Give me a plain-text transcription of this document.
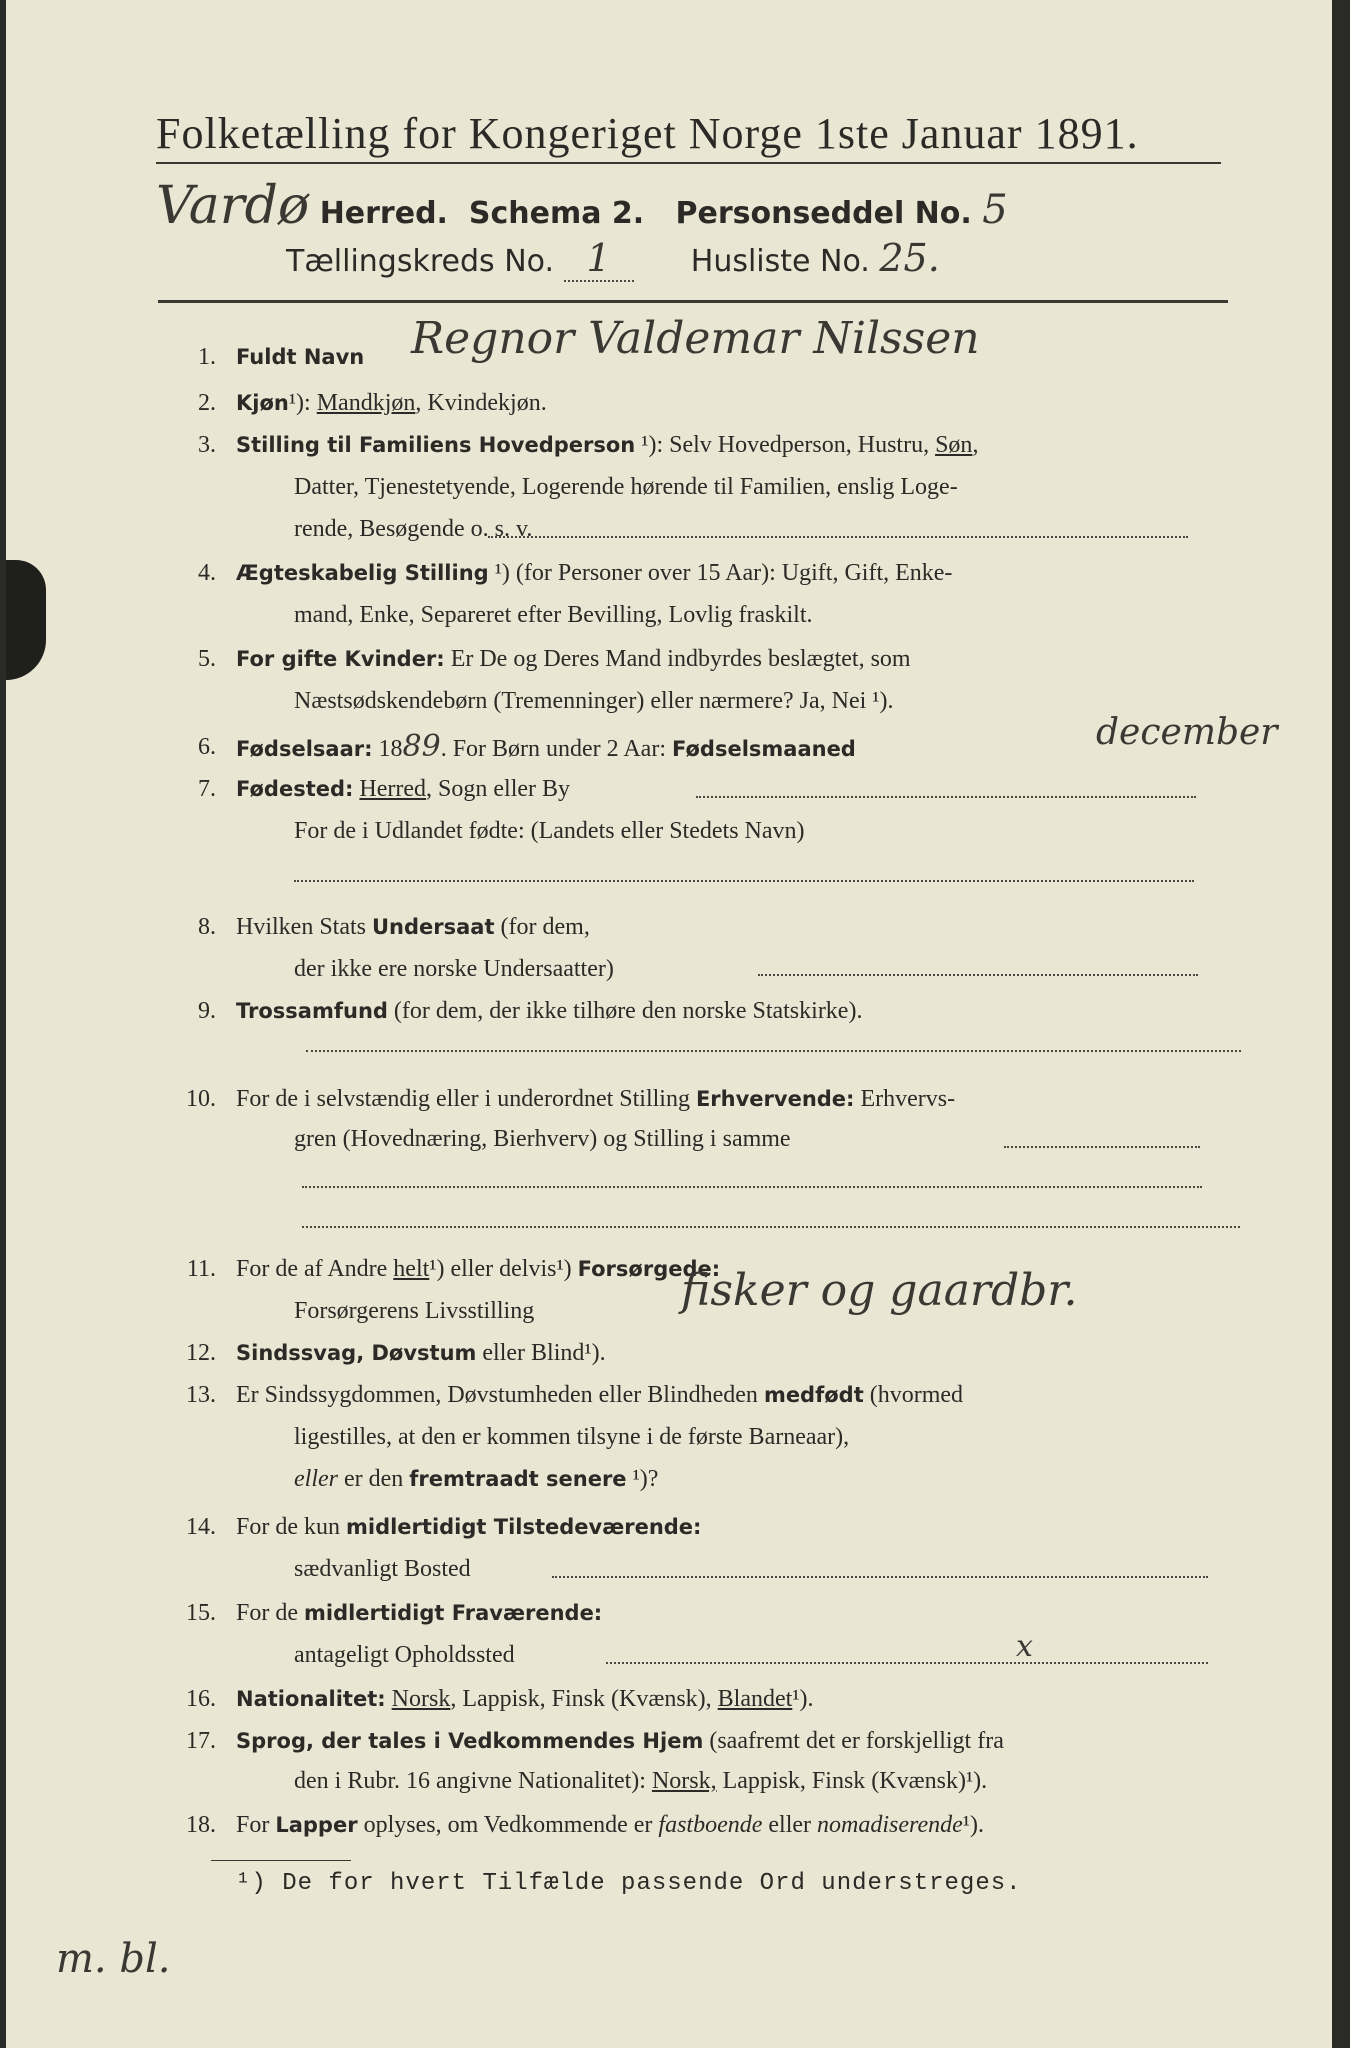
Folketælling for Kongeriget Norge 1ste Januar 1891.
Vardø Herred. Schema 2. Personseddel No. 5
Tællingskreds No. 1	Husliste No. 25.
1. Fuldt Navn Regnor Valdemar Nilssen
2. Kjøn¹): Mandkjøn, Kvindekjøn.
3. Stilling til Familiens Hovedperson ¹): Selv Hovedperson, Hustru, Søn,
Datter, Tjenestetyende, Logerende hørende til Familien, enslig Loge-
rende, Besøgende o. s. v.
4. Ægteskabelig Stilling ¹) (for Personer over 15 Aar): Ugift, Gift, Enke-
mand, Enke, Separeret efter Bevilling, Lovlig fraskilt.
5. For gifte Kvinder: Er De og Deres Mand indbyrdes beslægtet, som
Næstsødskendebørn (Tremenninger) eller nærmere? Ja, Nei ¹).
6. Fødselsaar: 1889. For Børn under 2 Aar: Fødselsmaaned	december
7. Fødested: Herred, Sogn eller By
For de i Udlandet fødte: (Landets eller Stedets Navn)
8. Hvilken Stats Undersaat (for dem,
der ikke ere norske Undersaatter)
9. Trossamfund (for dem, der ikke tilhøre den norske Statskirke).
10. For de i selvstændig eller i underordnet Stilling Erhvervende: Erhvervs-
gren (Hovednæring, Bierhverv) og Stilling i samme
11. For de af Andre helt¹) eller delvis¹) Forsørgede:
Forsørgerens Livsstilling	fisker og gaardbr.
12. Sindssvag, Døvstum eller Blind¹).
13. Er Sindssygdommen, Døvstumheden eller Blindheden medfødt (hvormed
ligestilles, at den er kommen tilsyne i de første Barneaar),
eller er den fremtraadt senere ¹)?
14. For de kun midlertidigt Tilstedeværende:
sædvanligt Bosted
15. For de midlertidigt Fraværende:
antageligt Opholdssted	x
16. Nationalitet: Norsk, Lappisk, Finsk (Kvænsk), Blandet¹).
17. Sprog, der tales i Vedkommendes Hjem (saafremt det er forskjelligt fra
den i Rubr. 16 angivne Nationalitet): Norsk, Lappisk, Finsk (Kvænsk)¹).
18. For Lapper oplyses, om Vedkommende er fastboende eller nomadiserende¹).
¹) De for hvert Tilfælde passende Ord understreges.
m. bl.
